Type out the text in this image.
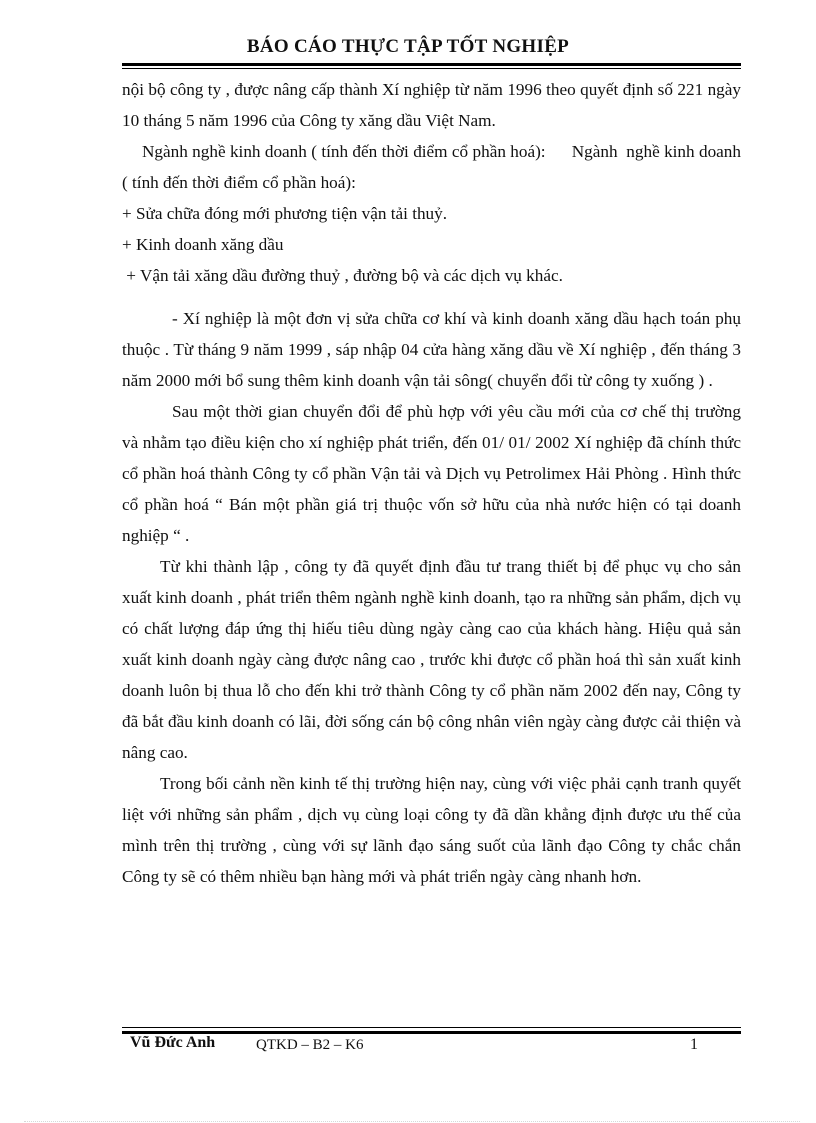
BÁO CÁO THỰC TẬP TỐT NGHIỆP

nội bộ công ty , được nâng cấp thành Xí nghiệp từ năm 1996 theo quyết định số 221 ngày 10 tháng 5 năm 1996 của Công ty xăng dầu Việt Nam.

Ngành nghề kinh doanh ( tính đến thời điểm cổ phần hoá):      Ngành  nghề kinh doanh ( tính đến thời điểm cổ phần hoá):

+ Sửa chữa đóng mới phương tiện vận tải thuỷ.

+ Kinh doanh xăng dầu

+ Vận tải xăng dầu đường thuỷ , đường bộ và các dịch vụ khác.

- Xí nghiệp là một đơn vị sửa chữa cơ khí và kinh doanh xăng dầu hạch toán phụ thuộc . Từ tháng 9 năm 1999 , sáp nhập 04 cửa hàng xăng dầu về Xí nghiệp , đến tháng 3 năm 2000 mới bổ sung thêm kinh doanh vận tải sông( chuyển đổi từ công ty xuống ) .

Sau một thời gian chuyển đổi để phù hợp với yêu cầu mới của cơ chế thị trường và nhằm tạo điều kiện cho xí nghiệp phát triển, đến 01/ 01/ 2002 Xí nghiệp đã chính thức cổ phần hoá thành Công ty cổ phần Vận tải và Dịch vụ Petrolimex Hải Phòng . Hình thức cổ phần hoá “ Bán một phần giá trị thuộc vốn sở hữu của nhà nước hiện có tại doanh nghiệp “ .

Từ khi thành lập , công ty đã quyết định đầu tư trang thiết bị để phục vụ cho sản xuất kinh doanh , phát triển thêm ngành nghề kinh doanh, tạo ra những sản phẩm, dịch vụ có chất lượng đáp ứng thị hiếu tiêu dùng ngày càng cao của khách hàng. Hiệu quả sản xuất kinh doanh ngày càng được nâng cao , trước khi được cổ phần hoá thì sản xuất kinh doanh luôn bị thua lỗ cho đến khi trở thành Công ty cổ phần năm 2002 đến nay, Công ty đã bắt đầu kinh doanh có lãi, đời sống cán bộ công nhân viên ngày càng được cải thiện và nâng cao.

Trong bối cảnh nền kinh tế thị trường hiện nay, cùng với việc phải cạnh tranh quyết liệt với những sản phẩm , dịch vụ cùng loại công ty đã dần khẳng định được ưu thế của mình trên thị trường , cùng với sự lãnh đạo sáng suốt của lãnh đạo Công ty chắc chắn Công ty sẽ có thêm nhiều bạn hàng mới và phát triển ngày càng nhanh hơn.

Vũ Đức Anh	QTKD – B2 – K6	1
